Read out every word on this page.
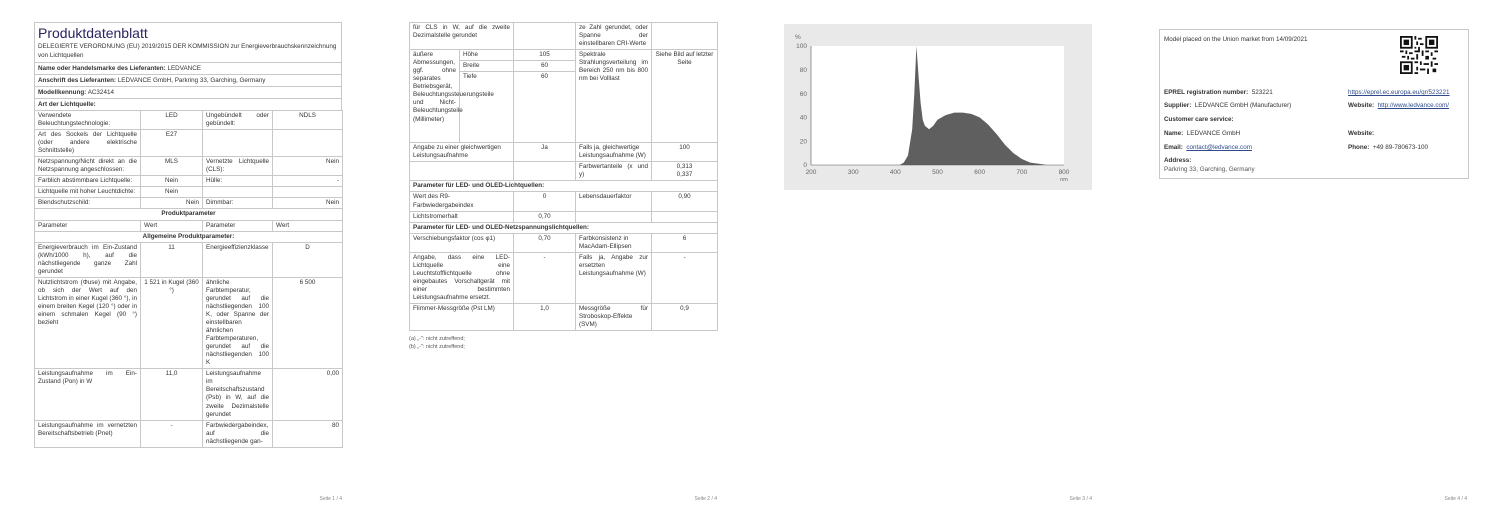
Produktdatenblatt
DELEGIERTE VERORDNUNG (EU) 2019/2015 DER KOMMISSION zur Energieverbrauchskennzeichnung von Lichtquellen
Name oder Handelsmarke des Lieferanten: LEDVANCE
Anschrift des Lieferanten: LEDVANCE GmbH, Parkring 33, Garching, Germany
Modellkennung: AC32414
Art der Lichtquelle:
Verwendete Beleuchtungstechnologie:	LED	Ungebündelt oder gebündelt:	NDLS
Art des Sockels der Lichtquelle (oder andere elektrische Schnittstelle)	E27		
Netzspannung/Nicht direkt an die Netzspannung angeschlossen:	MLS	Vernetzte Lichtquelle (CLS):	Nein
Farblich abstimmbare Lichtquelle:	Nein	Hülle:	-
Lichtquelle mit hoher Leuchtdichte:	Nein		
Blendschutzschild:	Nein	Dimmbar:	Nein
Produktparameter			
Parameter	Wert	Parameter	Wert
Allgemeine Produktparameter:			
Energieverbrauch im Ein-Zustand (kWh/1000 h), auf die nächstliegende ganze Zahl gerundet	11	Energieeffizienzklasse	D
Nutzlichtstrom (Φuse) mit Angabe, ob sich der Wert auf den Lichtstrom in einer Kugel (360 °), in einem breiten Kegel (120 °) oder in einem schmalen Kegel (90 °) bezieht	1 521 in Kugel (360 °)	ähnliche Farbtemperatur, gerundet auf die nächstliegenden 100 K, oder Spanne der einstellbaren ähnlichen Farbtemperaturen, gerundet auf die nächstliegenden 100 K	6 500
Leistungsaufnahme im Ein-Zustand (Pon) in W	11,0	Leistungsaufnahme im Bereitschaftszustand (Psb) in W, auf die zweite Dezimalstelle gerundet	0,00
Leistungsaufnahme im vernetzten Bereitschaftsbetrieb (Pnet)	-	Farbwiedergabeindex, auf die nächstliegende gan-	80
Seite 1 / 4
für CLS in W, auf die zweite Dezimalstelle gerundet			ze Zahl gerundet, oder Spanne der einstellbaren CRI-Werte	
äußere Abmessungen, ggf. ohne separates Betriebsgerät, Beleuchtungssteuerungsteile und Nicht-Beleuchtungsteile (Millimeter)	Höhe	105	Spektrale Strahlungsverteilung im Bereich 250 nm bis 800 nm bei Volllast	Siehe Bild auf letzter Seite
	Breite	60		
	Tiefe	60		
Angabe zu einer gleichwertigen Leistungsaufnahme		Ja	Falls ja, gleichwertige Leistungsaufnahme (W)	100
			Farbwertanteile (x und y)	0,313
0,337

Parameter für LED- und OLED-Lichtquellen:				
Wert des R9-Farbwiedergabeindex		0	Lebensdauerfaktor	0,90
Lichtstromerhalt		0,70		
Parameter für LED- und OLED-Netzspannungslichtquellen:				
Verschiebungsfaktor (cos φ1)		0,70	Farbkonsistenz in MacAdam-Ellipsen	6
Angabe, dass eine LED-Lichtquelle eine Leuchtstofflichtquelle ohne eingebautes Vorschaltgerät mit einer bestimmten Leistungsaufnahme ersetzt.		-	Falls ja, Angabe zur ersetzten Leistungsaufnahme (W)	-
Flimmer-Messgröße (Pst LM)		1,0	Messgröße für Stroboskop-Effekte (SVM)	0,9
(a) „-": nicht zutreffend;
(b) „-": nicht zutreffend;
Seite 2 / 4
200	300	400	500	600	700	800
0
20
40
60
80
100
%
nm
Seite 3 / 4
Model placed on the Union market from 14/09/2021
EPREL registration number: 523221	https://eprel.ec.europa.eu/qr/523221
Supplier: LEDVANCE GmbH (Manufacturer)	Website: http://www.ledvance.com/
Customer care service:
Name: LEDVANCE GmbH	Website:
Email: contact@ledvance.com	Phone: +49 89-780673-100
Address:
Parkring 33, Garching, Germany
Seite 4 / 4
